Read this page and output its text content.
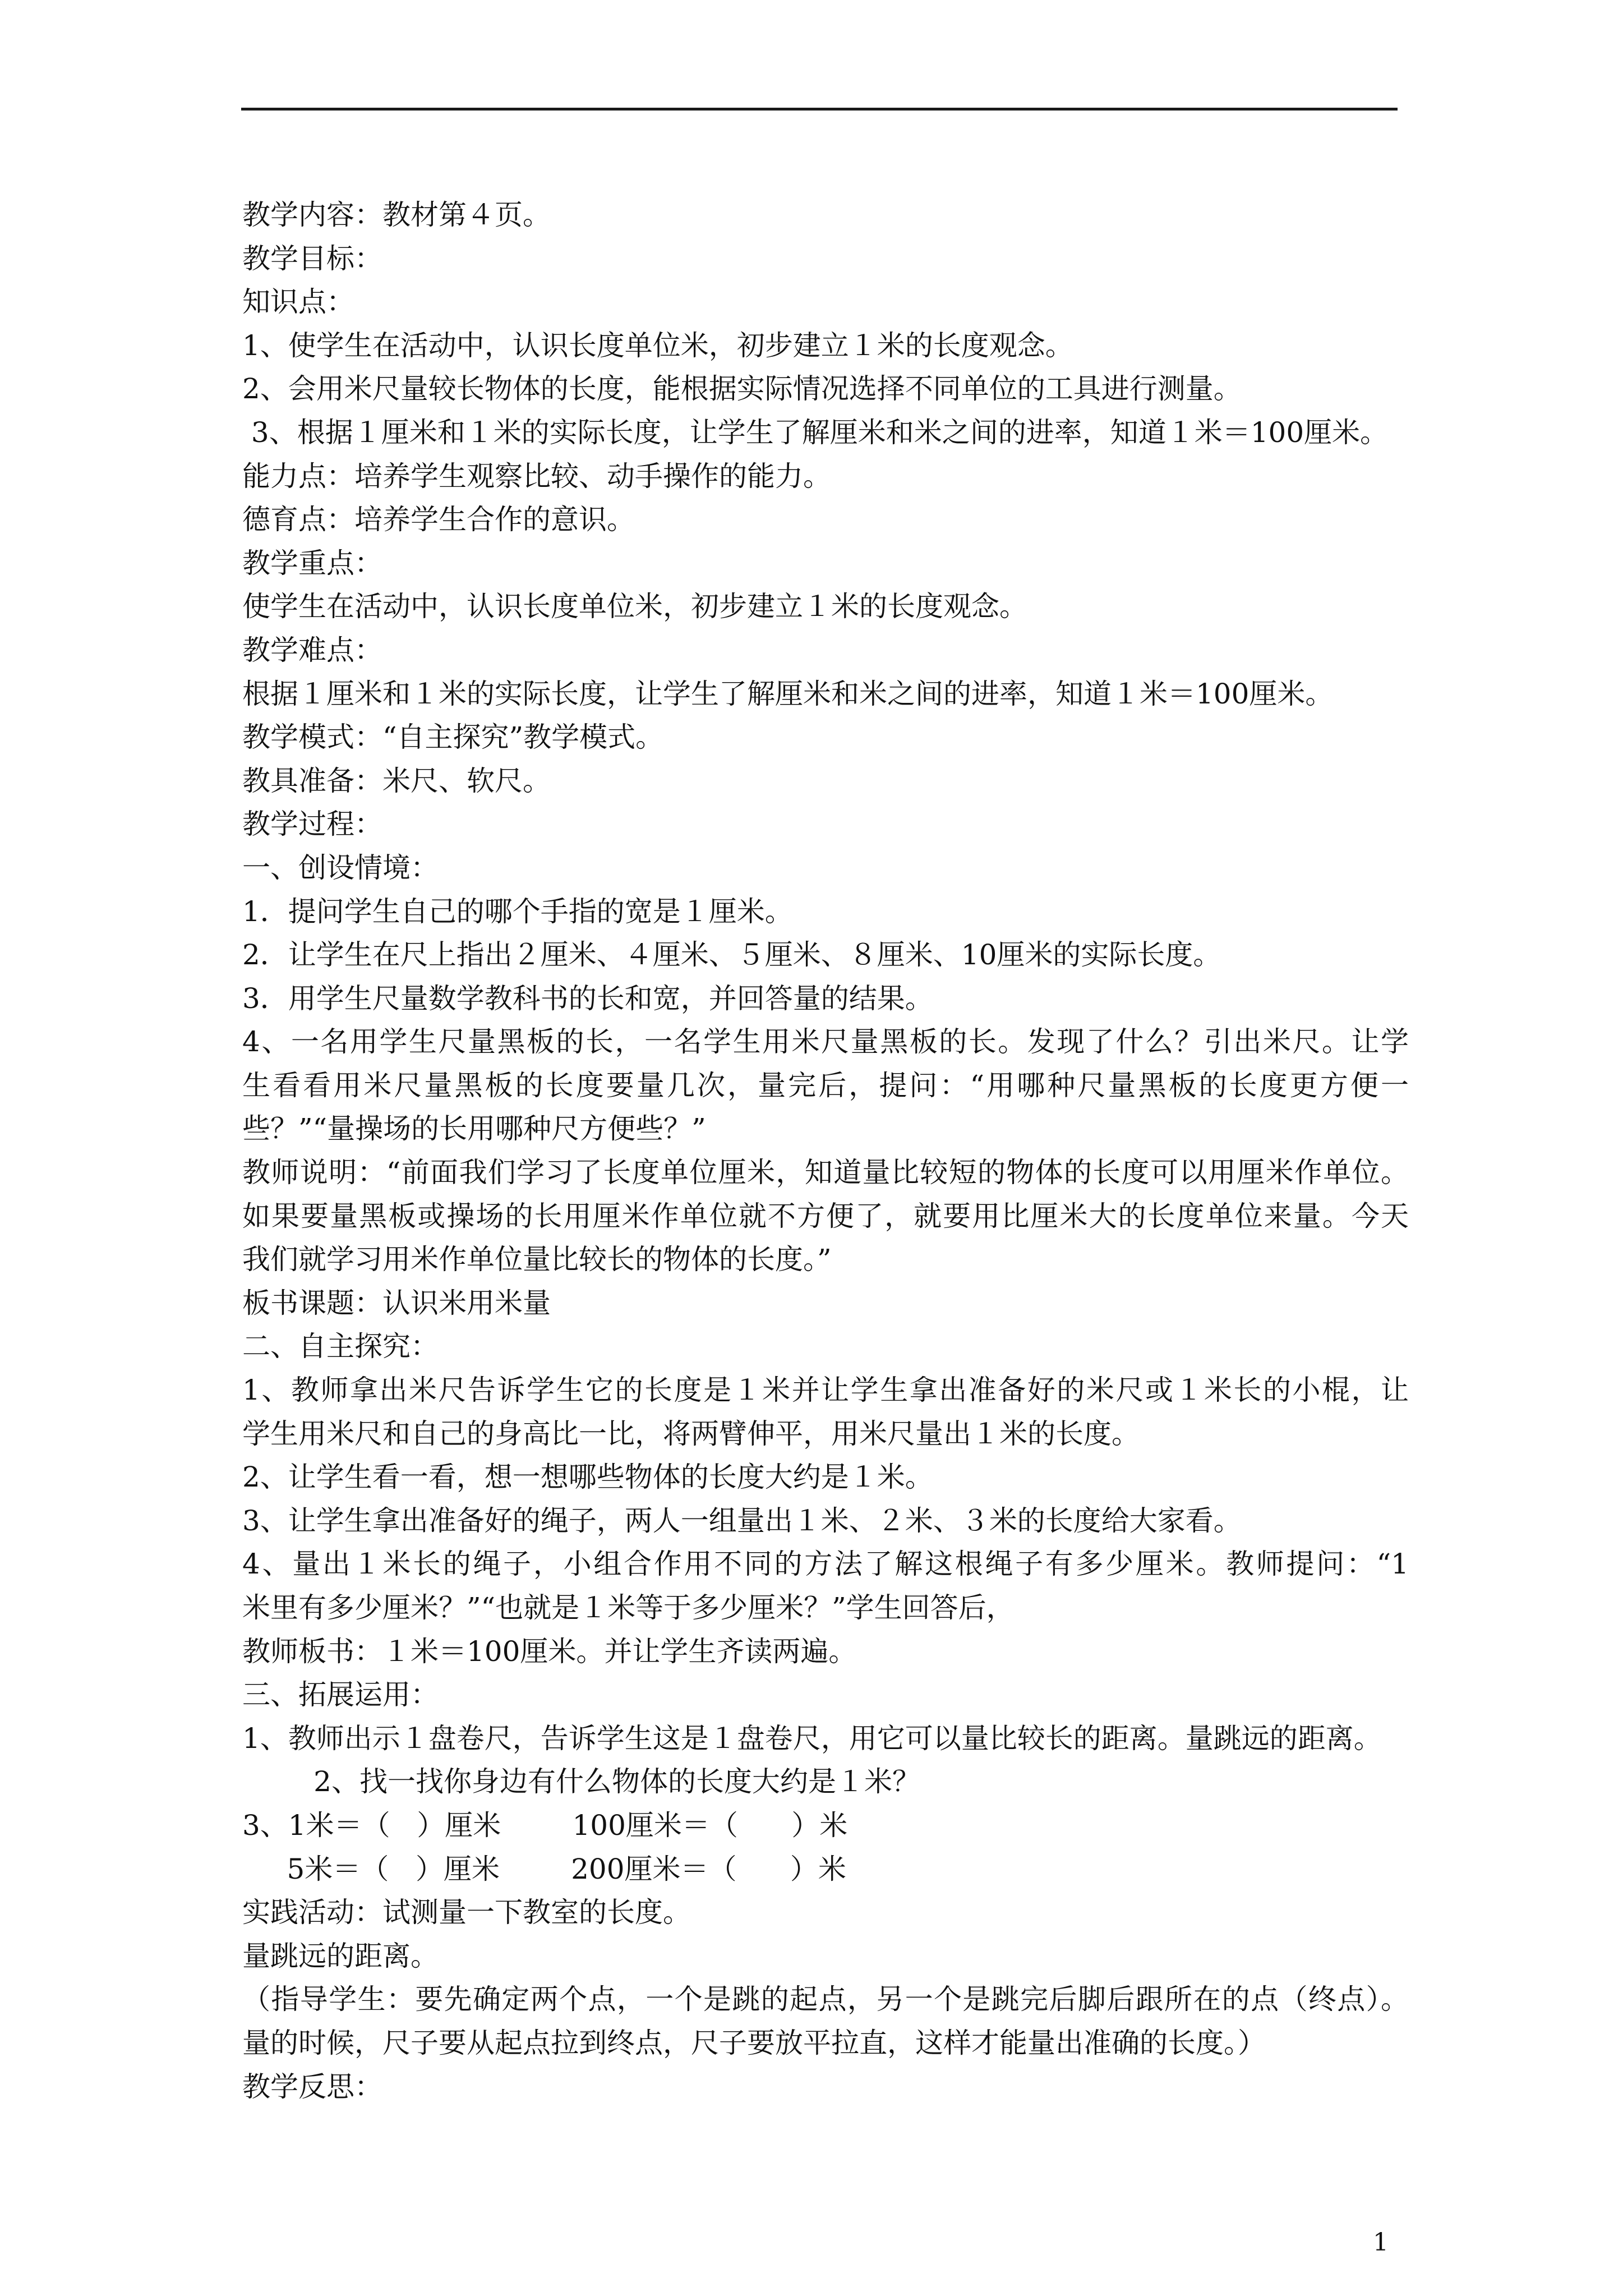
教学内容：教材第４页。
教学目标：
知识点：
1、使学生在活动中，认识长度单位米，初步建立１米的长度观念。
2、会用米尺量较长物体的长度，能根据实际情况选择不同单位的工具进行测量。
3、根据１厘米和１米的实际长度，让学生了解厘米和米之间的进率，知道１米＝100厘米。
能力点：培养学生观察比较、动手操作的能力。
德育点：培养学生合作的意识。
教学重点：
使学生在活动中，认识长度单位米，初步建立１米的长度观念。
教学难点：
根据１厘米和１米的实际长度，让学生了解厘米和米之间的进率，知道１米＝100厘米。
教学模式：“自主探究”教学模式。
教具准备：米尺、软尺。
教学过程：
一、创设情境：
1．提问学生自己的哪个手指的宽是１厘米。
2．让学生在尺上指出２厘米、４厘米、５厘米、８厘米、10厘米的实际长度。
3．用学生尺量数学教科书的长和宽，并回答量的结果。
4、一名用学生尺量黑板的长，一名学生用米尺量黑板的长。发现了什么？引出米尺。让学
生看看用米尺量黑板的长度要量几次，量完后，提问：“用哪种尺量黑板的长度更方便一
些？”“量操场的长用哪种尺方便些？”
教师说明：“前面我们学习了长度单位厘米，知道量比较短的物体的长度可以用厘米作单位。
如果要量黑板或操场的长用厘米作单位就不方便了，就要用比厘米大的长度单位来量。今天
我们就学习用米作单位量比较长的物体的长度。”
板书课题：认识米用米量
二、自主探究：
1、教师拿出米尺告诉学生它的长度是１米并让学生拿出准备好的米尺或１米长的小棍，让
学生用米尺和自己的身高比一比，将两臂伸平，用米尺量出１米的长度。
2、让学生看一看，想一想哪些物体的长度大约是１米。
3、让学生拿出准备好的绳子，两人一组量出１米、２米、３米的长度给大家看。
4、量出１米长的绳子，小组合作用不同的方法了解这根绳子有多少厘米。教师提问：“1
米里有多少厘米？”“也就是１米等于多少厘米？”学生回答后，
教师板书：１米＝100厘米。并让学生齐读两遍。
三、拓展运用：
1、教师出示１盘卷尺，告诉学生这是１盘卷尺，用它可以量比较长的距离。量跳远的距离。
2、找一找你身边有什么物体的长度大约是１米？
3、1米＝（   ）厘米        100厘米＝（      ）米
5米＝（   ）厘米        200厘米＝（      ）米
实践活动：试测量一下教室的长度。
量跳远的距离。
（指导学生：要先确定两个点，一个是跳的起点，另一个是跳完后脚后跟所在的点（终点）。
量的时候，尺子要从起点拉到终点，尺子要放平拉直，这样才能量出准确的长度。）
教学反思：
1
